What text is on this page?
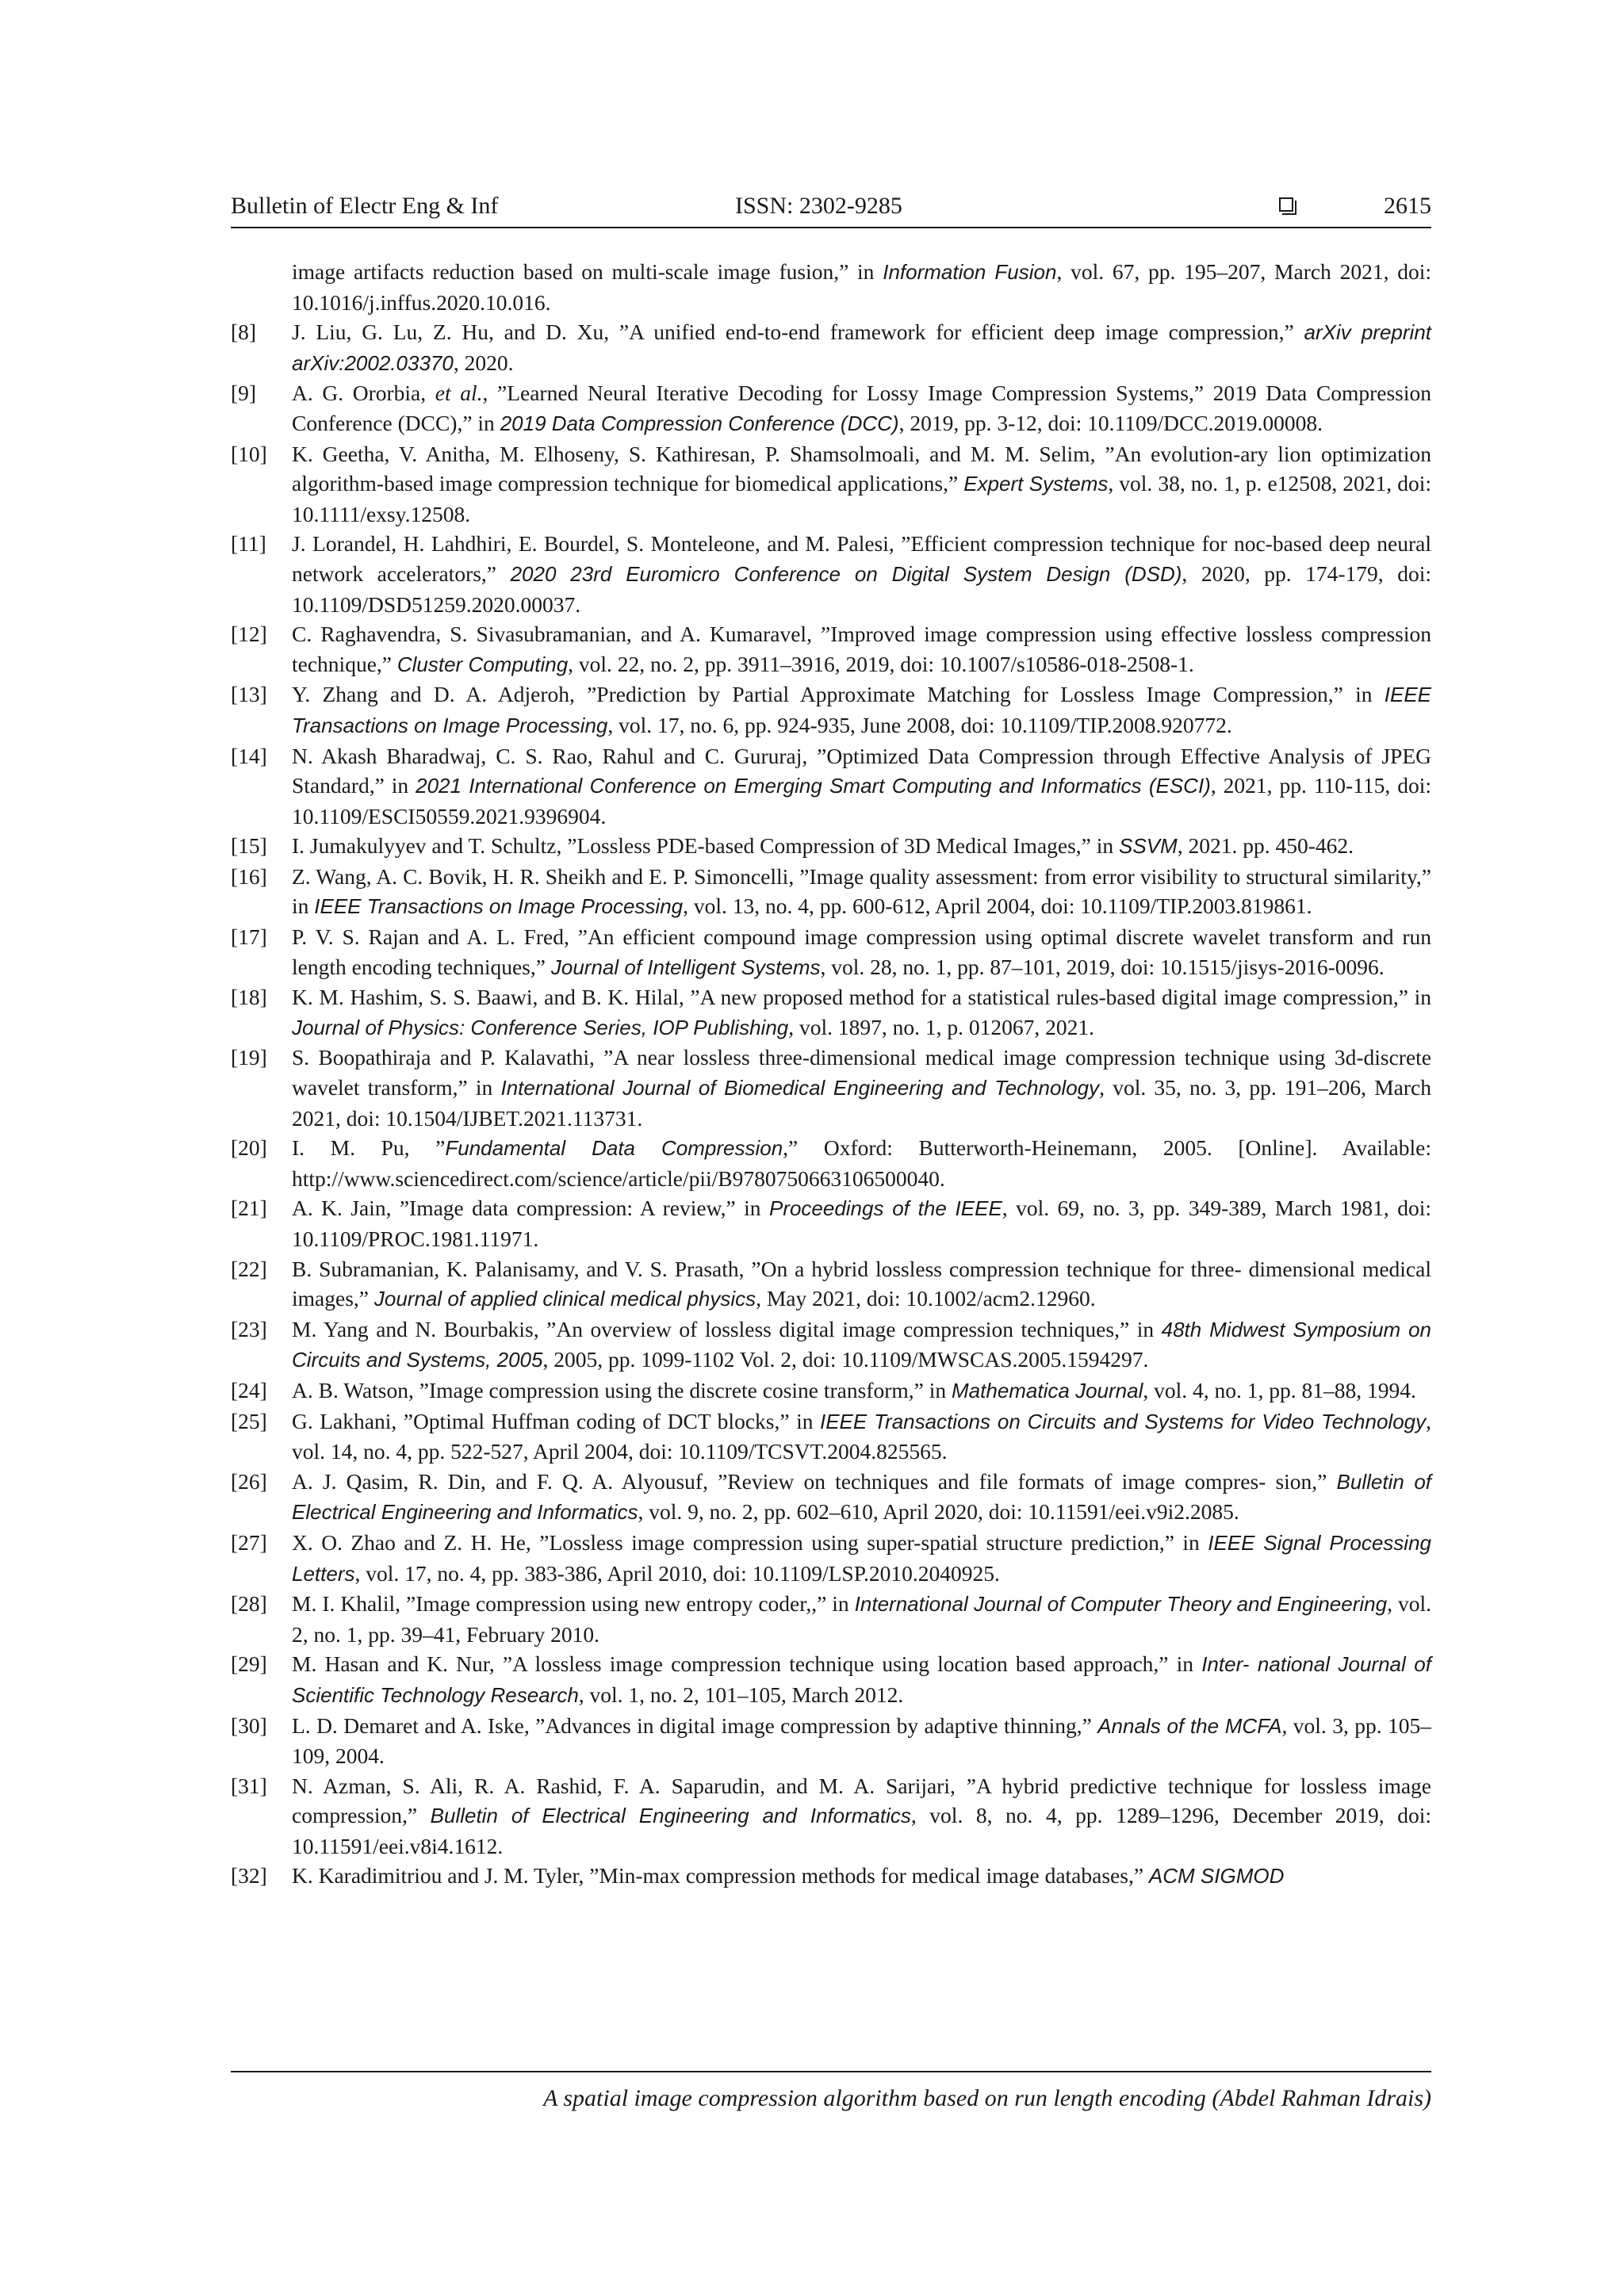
Bulletin of Electr Eng & Inf	ISSN: 2302-9285	2615
image artifacts reduction based on multi-scale image fusion,” in Information Fusion, vol. 67, pp. 195–207, March 2021, doi: 10.1016/j.inffus.2020.10.016.
[8] J. Liu, G. Lu, Z. Hu, and D. Xu, ”A unified end-to-end framework for efficient deep image compression,” arXiv preprint arXiv:2002.03370, 2020.
[9] A. G. Ororbia, et al., ”Learned Neural Iterative Decoding for Lossy Image Compression Systems,” 2019 Data Compression Conference (DCC),” in 2019 Data Compression Conference (DCC), 2019, pp. 3-12, doi: 10.1109/DCC.2019.00008.
[10] K. Geetha, V. Anitha, M. Elhoseny, S. Kathiresan, P. Shamsolmoali, and M. M. Selim, ”An evolution-ary lion optimization algorithm-based image compression technique for biomedical applications,” Expert Systems, vol. 38, no. 1, p. e12508, 2021, doi: 10.1111/exsy.12508.
[11] J. Lorandel, H. Lahdhiri, E. Bourdel, S. Monteleone, and M. Palesi, ”Efficient compression technique for noc-based deep neural network accelerators,” 2020 23rd Euromicro Conference on Digital System Design (DSD), 2020, pp. 174-179, doi: 10.1109/DSD51259.2020.00037.
[12] C. Raghavendra, S. Sivasubramanian, and A. Kumaravel, ”Improved image compression using effective lossless compression technique,” Cluster Computing, vol. 22, no. 2, pp. 3911–3916, 2019, doi: 10.1007/s10586-018-2508-1.
[13] Y. Zhang and D. A. Adjeroh, ”Prediction by Partial Approximate Matching for Lossless Image Compression,” in IEEE Transactions on Image Processing, vol. 17, no. 6, pp. 924-935, June 2008, doi: 10.1109/TIP.2008.920772.
[14] N. Akash Bharadwaj, C. S. Rao, Rahul and C. Gururaj, ”Optimized Data Compression through Effective Analysis of JPEG Standard,” in 2021 International Conference on Emerging Smart Computing and Informatics (ESCI), 2021, pp. 110-115, doi: 10.1109/ESCI50559.2021.9396904.
[15] I. Jumakulyyev and T. Schultz, ”Lossless PDE-based Compression of 3D Medical Images,” in SSVM, 2021. pp. 450-462.
[16] Z. Wang, A. C. Bovik, H. R. Sheikh and E. P. Simoncelli, ”Image quality assessment: from error visibility to structural similarity,” in IEEE Transactions on Image Processing, vol. 13, no. 4, pp. 600-612, April 2004, doi: 10.1109/TIP.2003.819861.
[17] P. V. S. Rajan and A. L. Fred, ”An efficient compound image compression using optimal discrete wavelet transform and run length encoding techniques,” Journal of Intelligent Systems, vol. 28, no. 1, pp. 87–101, 2019, doi: 10.1515/jisys-2016-0096.
[18] K. M. Hashim, S. S. Baawi, and B. K. Hilal, ”A new proposed method for a statistical rules-based digital image compression,” in Journal of Physics: Conference Series, IOP Publishing, vol. 1897, no. 1, p. 012067, 2021.
[19] S. Boopathiraja and P. Kalavathi, ”A near lossless three-dimensional medical image compression technique using 3d-discrete wavelet transform,” in International Journal of Biomedical Engineering and Technology, vol. 35, no. 3, pp. 191–206, March 2021, doi: 10.1504/IJBET.2021.113731.
[20] I. M. Pu, ”Fundamental Data Compression,” Oxford: Butterworth-Heinemann, 2005. [Online]. Available: http://www.sciencedirect.com/science/article/pii/B9780750663106500040.
[21] A. K. Jain, ”Image data compression: A review,” in Proceedings of the IEEE, vol. 69, no. 3, pp. 349-389, March 1981, doi: 10.1109/PROC.1981.11971.
[22] B. Subramanian, K. Palanisamy, and V. S. Prasath, ”On a hybrid lossless compression technique for three- dimensional medical images,” Journal of applied clinical medical physics, May 2021, doi: 10.1002/acm2.12960.
[23] M. Yang and N. Bourbakis, ”An overview of lossless digital image compression techniques,” in 48th Midwest Symposium on Circuits and Systems, 2005, 2005, pp. 1099-1102 Vol. 2, doi: 10.1109/MWSCAS.2005.1594297.
[24] A. B. Watson, ”Image compression using the discrete cosine transform,” in Mathematica Journal, vol. 4, no. 1, pp. 81–88, 1994.
[25] G. Lakhani, ”Optimal Huffman coding of DCT blocks,” in IEEE Transactions on Circuits and Systems for Video Technology, vol. 14, no. 4, pp. 522-527, April 2004, doi: 10.1109/TCSVT.2004.825565.
[26] A. J. Qasim, R. Din, and F. Q. A. Alyousuf, ”Review on techniques and file formats of image compres- sion,” Bulletin of Electrical Engineering and Informatics, vol. 9, no. 2, pp. 602–610, April 2020, doi: 10.11591/eei.v9i2.2085.
[27] X. O. Zhao and Z. H. He, ”Lossless image compression using super-spatial structure prediction,” in IEEE Signal Processing Letters, vol. 17, no. 4, pp. 383-386, April 2010, doi: 10.1109/LSP.2010.2040925.
[28] M. I. Khalil, ”Image compression using new entropy coder,,” in International Journal of Computer Theory and Engineering, vol. 2, no. 1, pp. 39–41, February 2010.
[29] M. Hasan and K. Nur, ”A lossless image compression technique using location based approach,” in Inter- national Journal of Scientific Technology Research, vol. 1, no. 2, 101–105, March 2012.
[30] L. D. Demaret and A. Iske, ”Advances in digital image compression by adaptive thinning,” Annals of the MCFA, vol. 3, pp. 105–109, 2004.
[31] N. Azman, S. Ali, R. A. Rashid, F. A. Saparudin, and M. A. Sarijari, ”A hybrid predictive technique for lossless image compression,” Bulletin of Electrical Engineering and Informatics, vol. 8, no. 4, pp. 1289–1296, December 2019, doi: 10.11591/eei.v8i4.1612.
[32] K. Karadimitriou and J. M. Tyler, ”Min-max compression methods for medical image databases,” ACM SIGMOD
A spatial image compression algorithm based on run length encoding (Abdel Rahman Idrais)
